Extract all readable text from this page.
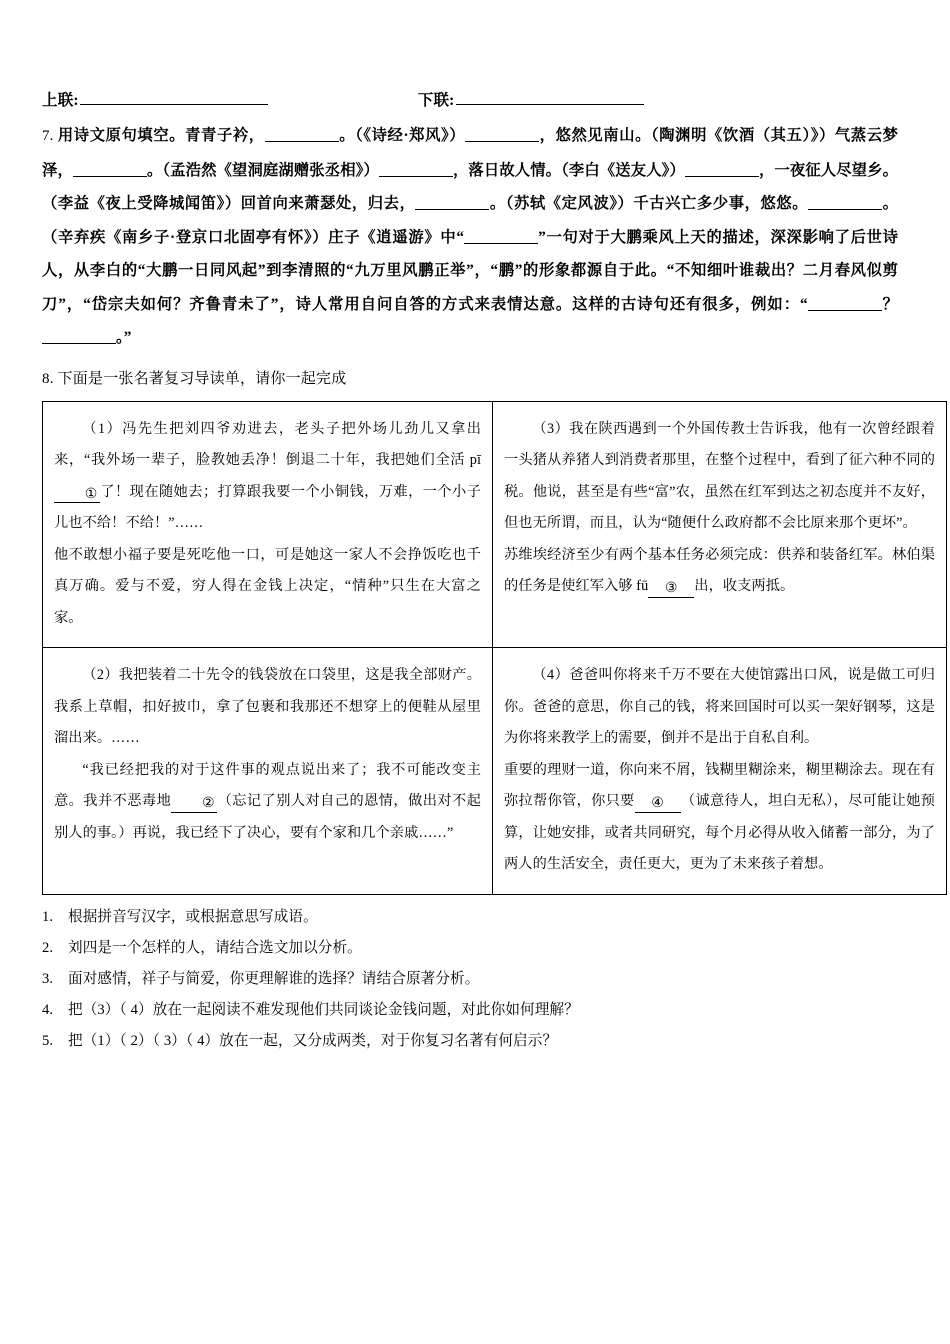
上联:	下联:
7. 用诗文原句填空。青青子衿，	。（《诗经·郑风》）	，悠然见南山。（陶渊明《饮酒（其五）》）气蒸云梦泽，	。（孟浩然《望洞庭湖赠张丞相》）	，落日故人情。（李白《送友人》）	，一夜征人尽望乡。（李益《夜上受降城闻笛》）回首向来萧瑟处，归去，	。（苏轼《定风波》）千古兴亡多少事，悠悠。	。（辛弃疾《南乡子·登京口北固亭有怀》）庄子《逍遥游》中“	”一句对于大鹏乘风上天的描述，深深影响了后世诗人，从李白的“大鹏一日同风起”到李清照的“九万里风鹏正举”，“鹏”的形象都源自于此。“不知细叶谁裁出？二月春风似剪刀”，“岱宗夫如何？齐鲁青未了”，诗人常用自问自答的方式来表情达意。这样的古诗句还有很多，例如：“	？。”
8. 下面是一张名著复习导读单，请你一起完成
（1）冯先生把刘四爷劝进去，老头子把外场儿劲儿又拿出来，“我外场一辈子，脸教她丢净！倒退二十年，我把她们全活 pī① 了！现在随她去；打算跟我要一个小铜钱，万难，一个小子儿也不给！不给！”……
他不敢想小福子要是死吃他一口，可是她这一家人不会挣饭吃也千真万确。爱与不爱，穷人得在金钱上决定，“情种”只生在大富之家。

（3）我在陕西遇到一个外国传教士告诉我，他有一次曾经跟着一头猪从养猪人到消费者那里，在整个过程中，看到了征六种不同的税。他说，甚至是有些“富”农，虽然在红军到达之初态度并不友好，但也无所谓，而且，认为“随便什么政府都不会比原来那个更坏”。
苏维埃经济至少有两个基本任务必须完成：供养和装备红军。林伯渠的任务是使红军入够 fū ③ 出，收支两抵。

（2）我把装着二十先令的钱袋放在口袋里，这是我全部财产。我系上草帽，扣好披巾，拿了包裹和我那还不想穿上的便鞋从屋里溜出来。……
“我已经把我的对于这件事的观点说出来了；我不可能改变主意。我并不恶毒地 ② （忘记了别人对自己的恩情，做出对不起别人的事。）再说，我已经下了决心，要有个家和几个亲戚……”

（4）爸爸叫你将来千万不要在大使馆露出口风，说是做工可归你。爸爸的意思，你自己的钱，将来回国时可以买一架好钢琴，这是为你将来教学上的需要，倒并不是出于自私自利。
重要的理财一道，你向来不屑，钱糊里糊涂来，糊里糊涂去。现在有弥拉帮你管，你只要 ④ （诚意待人，坦白无私），尽可能让她预算，让她安排，或者共同研究，每个月必得从收入储蓄一部分，为了两人的生活安全，责任更大，更为了未来孩子着想。
1.	根据拼音写汉字，或根据意思写成语。
2.	刘四是一个怎样的人，请结合选文加以分析。
3.	面对感情，祥子与简爱，你更理解谁的选择？请结合原著分析。
4.	把（3）（ 4）放在一起阅读不难发现他们共同谈论金钱问题，对此你如何理解？
5.	把（1）（ 2）（ 3）（ 4）放在一起，又分成两类，对于你复习名著有何启示？
